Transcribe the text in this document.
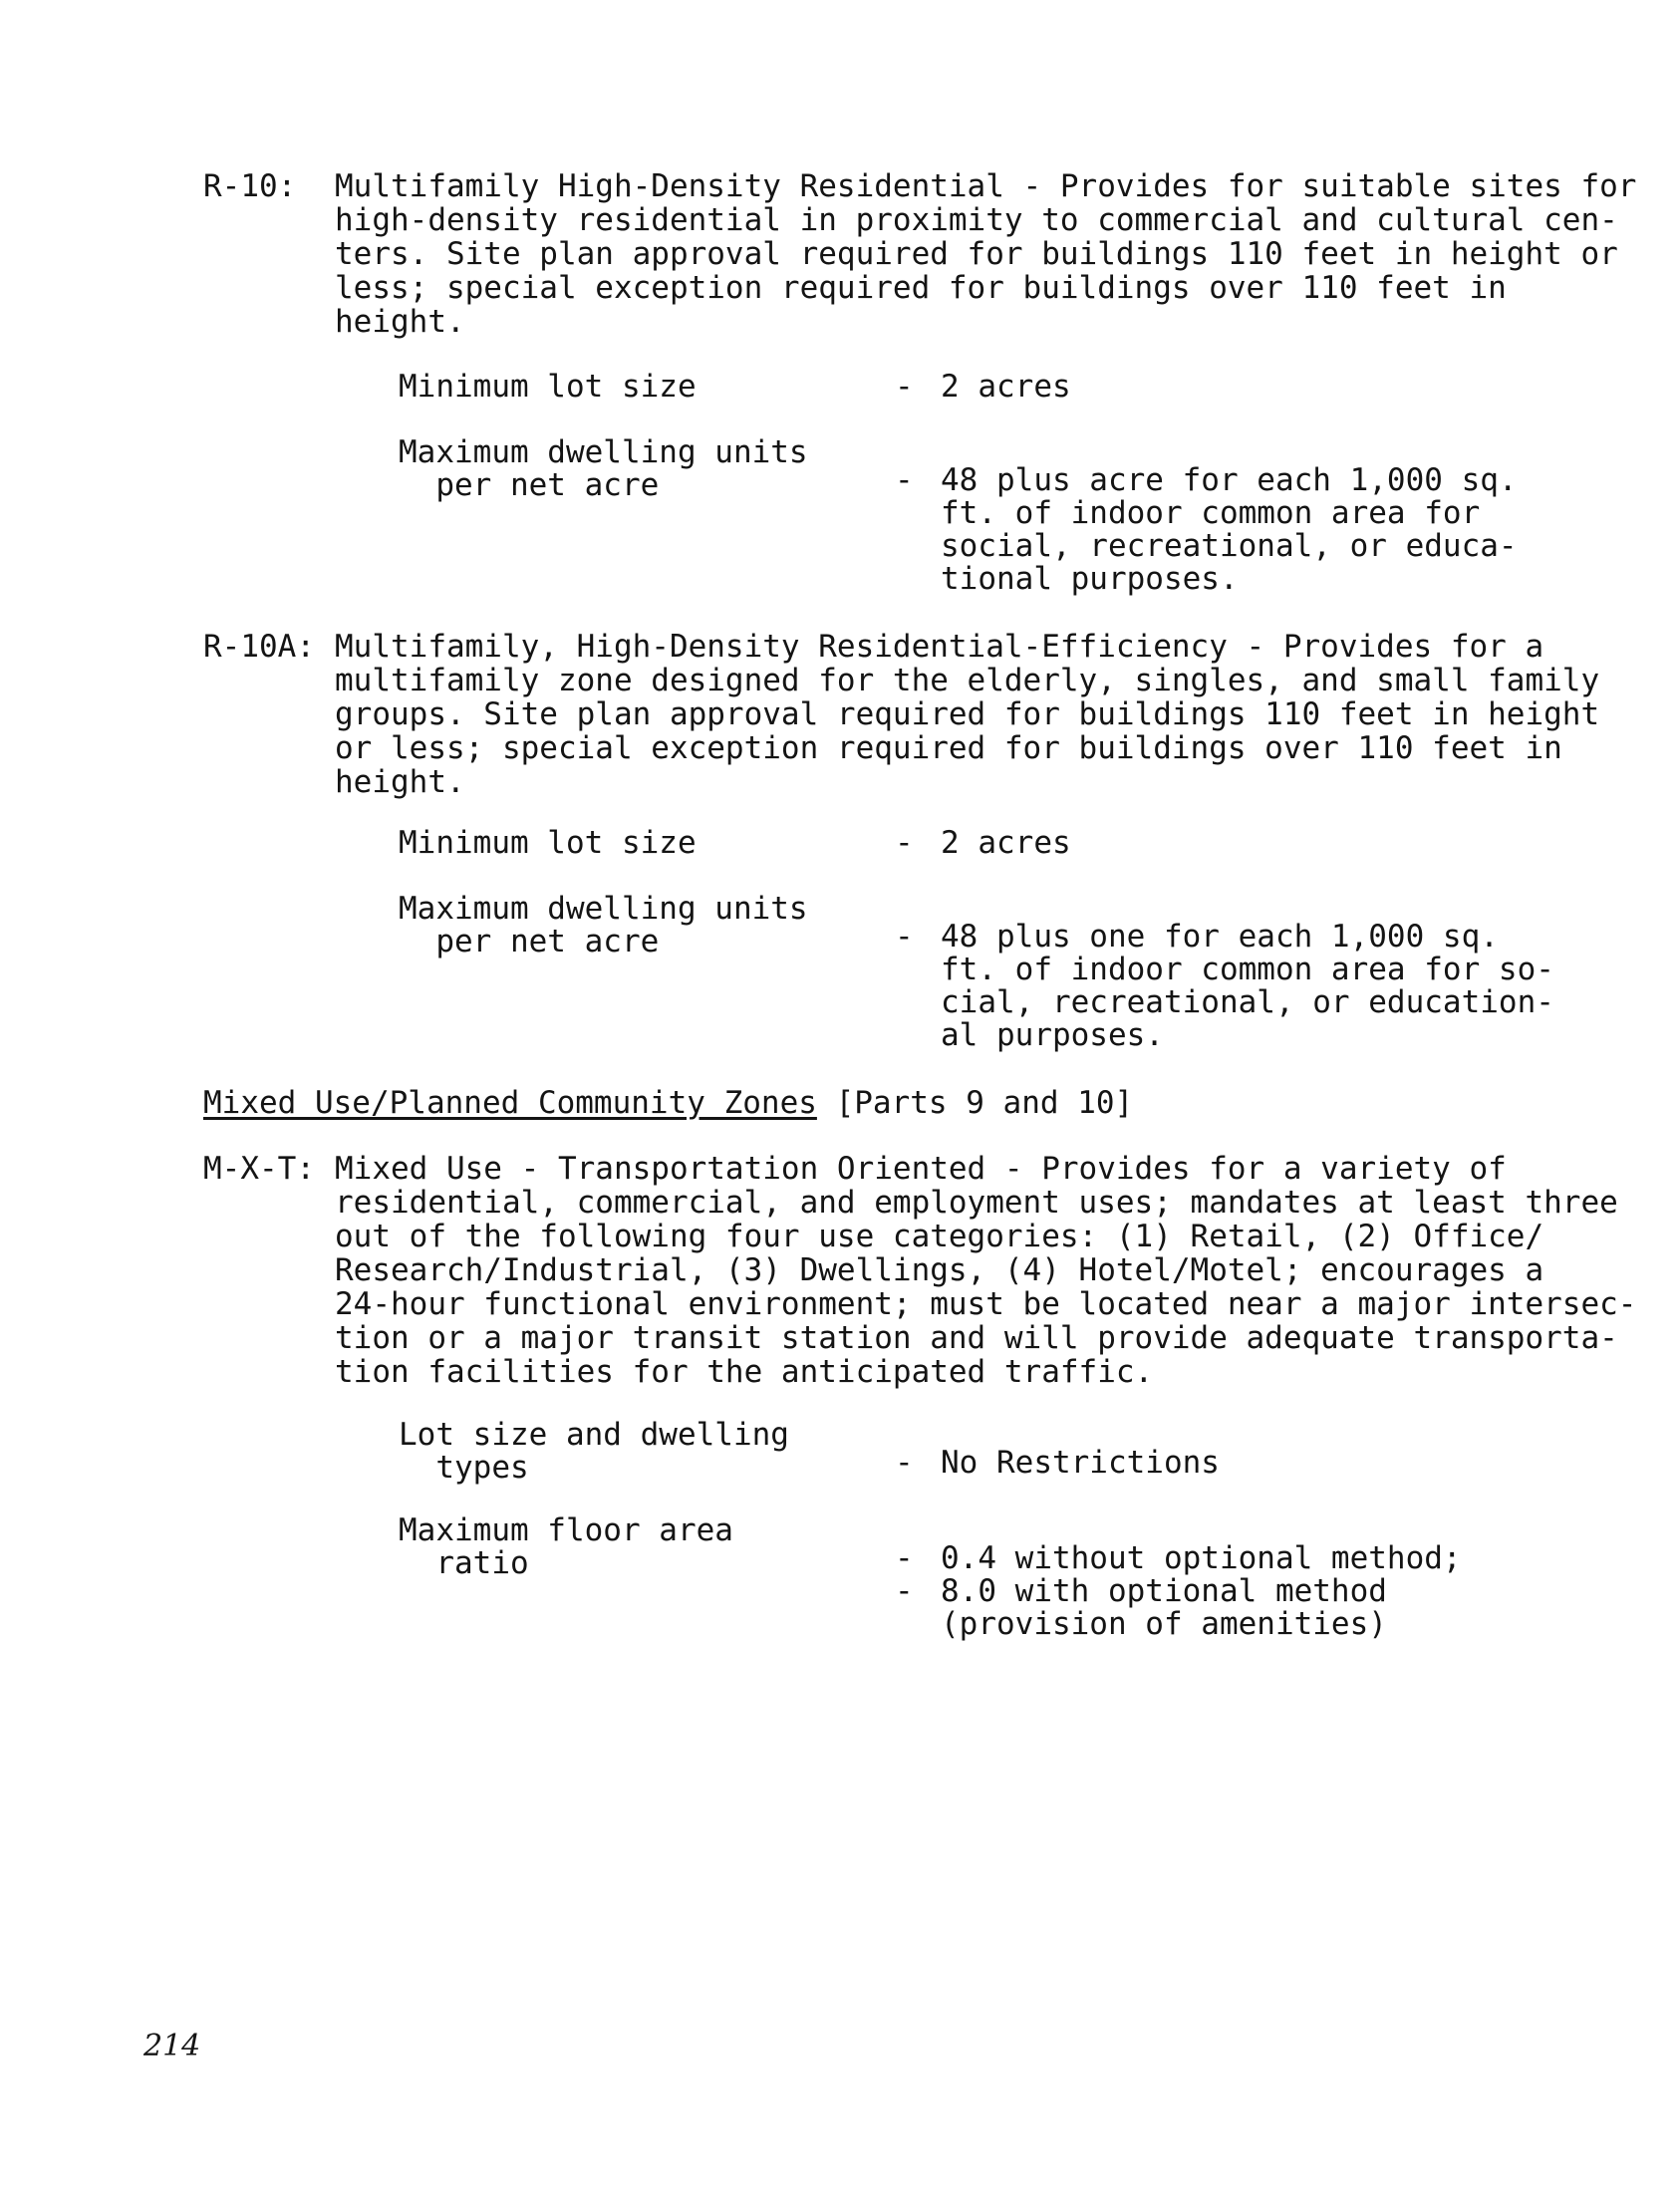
R-10:	Multifamily High-Density Residential - Provides for suitable sites for
high-density residential in proximity to commercial and cultural cen-
ters. Site plan approval required for buildings 110 feet in height or
less; special exception required for buildings over 110 feet in
height.
Minimum lot size	- 2 acres
Maximum dwelling units
per net acre	- 48 plus acre for each 1,000 sq.
ft. of indoor common area for
social, recreational, or educa-
tional purposes.
R-10A: Multifamily, High-Density Residential-Efficiency - Provides for a
multifamily zone designed for the elderly, singles, and small family
groups. Site plan approval required for buildings 110 feet in height
or less; special exception required for buildings over 110 feet in
height.
Minimum lot size	- 2 acres
Maximum dwelling units
per net acre	- 48 plus one for each 1,000 sq.
ft. of indoor common area for so-
cial, recreational, or education-
al purposes.
Mixed Use/Planned Community Zones [Parts 9 and 10]
M-X-T: Mixed Use - Transportation Oriented - Provides for a variety of
residential, commercial, and employment uses; mandates at least three
out of the following four use categories: (1) Retail, (2) Office/
Research/Industrial, (3) Dwellings, (4) Hotel/Motel; encourages a
24-hour functional environment; must be located near a major intersec-
tion or a major transit station and will provide adequate transporta-
tion facilities for the anticipated traffic.
Lot size and dwelling
types	- No Restrictions
Maximum floor area
ratio	- 0.4 without optional method;
- 8.0 with optional method
(provision of amenities)
214
